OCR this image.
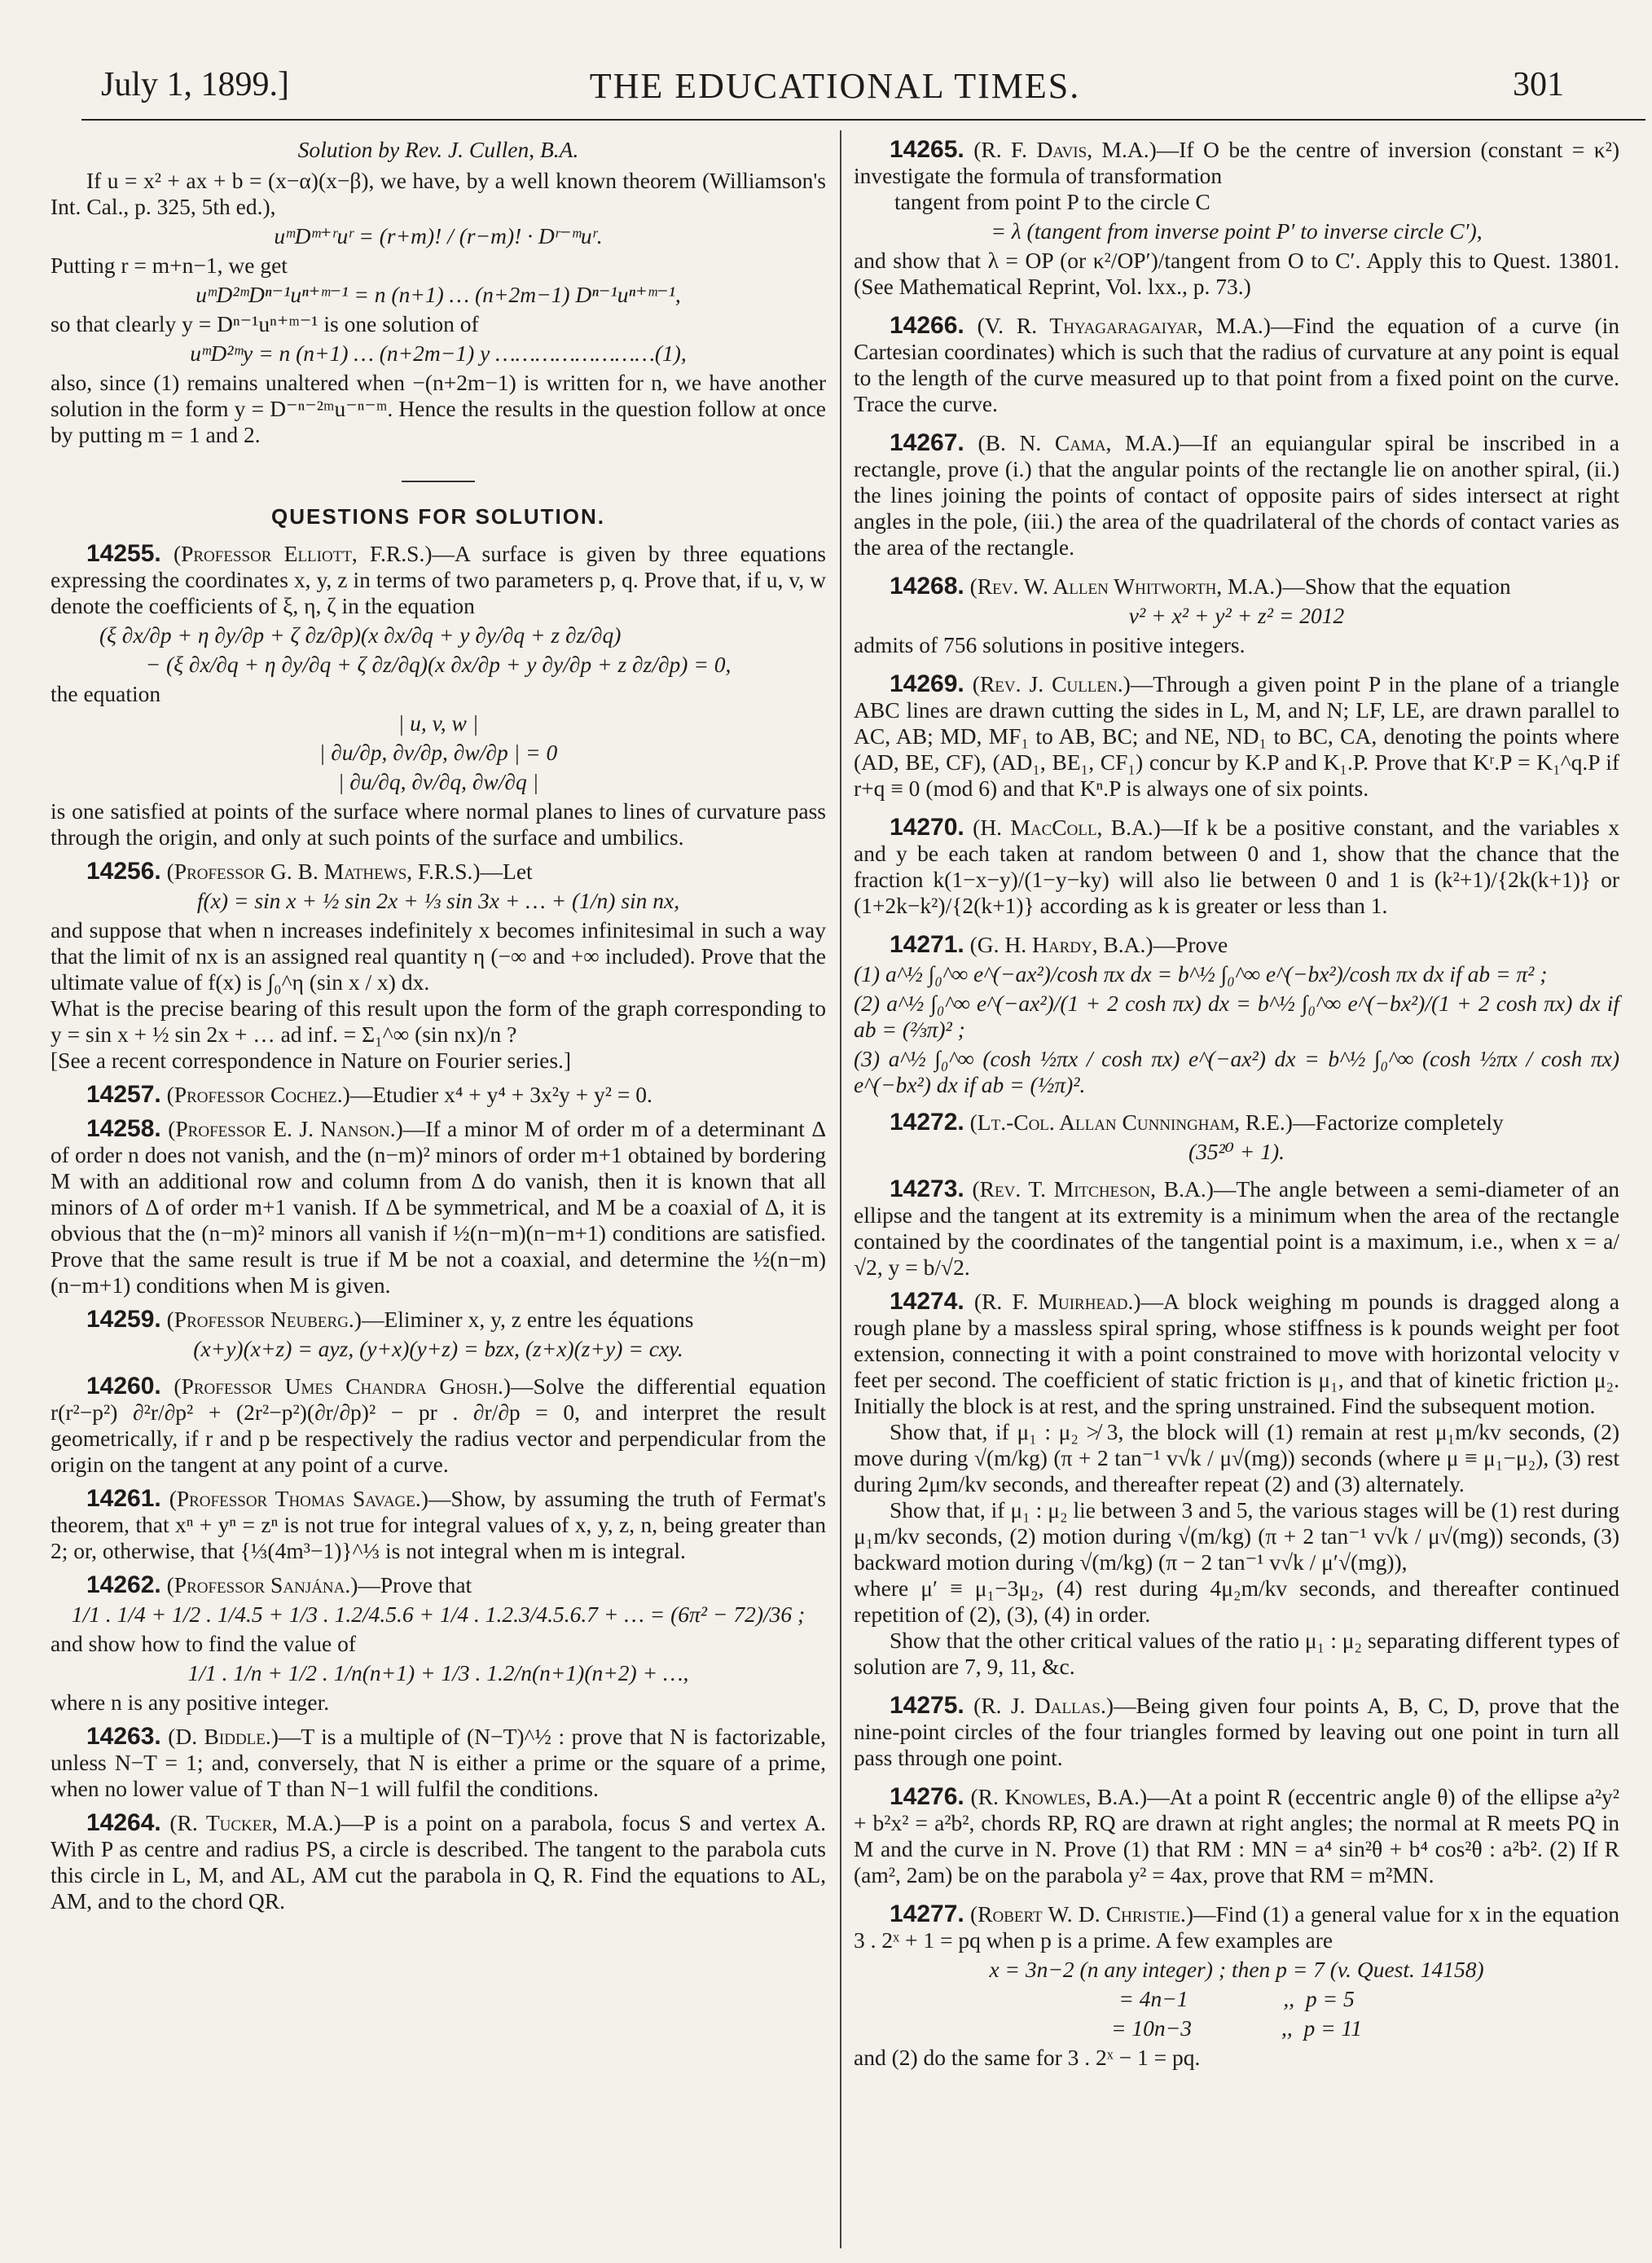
July 1, 1899.]	THE EDUCATIONAL TIMES.	301

Solution by Rev. J. Cullen, B.A.

If u = x² + ax + b = (x−α)(x−β), we have, by a well known theorem (Williamson's Int. Cal., p. 325, 5th ed.),

uᵐDᵐ⁺ʳuʳ = (r+m)! / (r−m)! · Dʳ⁻ᵐuʳ.

Putting r = m+n−1, we get

uᵐD²ᵐDⁿ⁻¹uⁿ⁺ᵐ⁻¹ = n (n+1) … (n+2m−1) Dⁿ⁻¹uⁿ⁺ᵐ⁻¹,

so that clearly y = Dⁿ⁻¹uⁿ⁺ᵐ⁻¹ is one solution of

uᵐD²ᵐy = n (n+1) … (n+2m−1) y ……………………(1),

also, since (1) remains unaltered when −(n+2m−1) is written for n, we have another solution in the form y = D⁻ⁿ⁻²ᵐu⁻ⁿ⁻ᵐ. Hence the results in the question follow at once by putting m = 1 and 2.

QUESTIONS FOR SOLUTION.

14255. (Professor Elliott, F.R.S.)—A surface is given by three equations expressing the coordinates x, y, z in terms of two parameters p, q. Prove that, if u, v, w denote the coefficients of ξ, η, ζ in the equation

(ξ ∂x/∂p + η ∂y/∂p + ζ ∂z/∂p)(x ∂x/∂q + y ∂y/∂q + z ∂z/∂q)

− (ξ ∂x/∂q + η ∂y/∂q + ζ ∂z/∂q)(x ∂x/∂p + y ∂y/∂p + z ∂z/∂p) = 0,

the equation

| u, v, w |

| ∂u/∂p, ∂v/∂p, ∂w/∂p | = 0

| ∂u/∂q, ∂v/∂q, ∂w/∂q |

is one satisfied at points of the surface where normal planes to lines of curvature pass through the origin, and only at such points of the surface and umbilics.

14256. (Professor G. B. Mathews, F.R.S.)—Let

f(x) = sin x + ½ sin 2x + ⅓ sin 3x + … + (1/n) sin nx,

and suppose that when n increases indefinitely x becomes infinitesimal in such a way that the limit of nx is an assigned real quantity η (−∞ and +∞ included). Prove that the ultimate value of f(x) is ∫₀^η (sin x / x) dx.

What is the precise bearing of this result upon the form of the graph corresponding to y = sin x + ½ sin 2x + … ad inf. = Σ₁^∞ (sin nx)/n ?

[See a recent correspondence in Nature on Fourier series.]

14257. (Professor Cochez.)—Etudier x⁴ + y⁴ + 3x²y + y² = 0.

14258. (Professor E. J. Nanson.)—If a minor M of order m of a determinant Δ of order n does not vanish, and the (n−m)² minors of order m+1 obtained by bordering M with an additional row and column from Δ do vanish, then it is known that all minors of Δ of order m+1 vanish. If Δ be symmetrical, and M be a coaxial of Δ, it is obvious that the (n−m)² minors all vanish if ½(n−m)(n−m+1) conditions are satisfied. Prove that the same result is true if M be not a coaxial, and determine the ½(n−m)(n−m+1) conditions when M is given.

14259. (Professor Neuberg.)—Eliminer x, y, z entre les équations

(x+y)(x+z) = ayz, (y+x)(y+z) = bzx, (z+x)(z+y) = cxy.

14260. (Professor Umes Chandra Ghosh.)—Solve the differential equation r(r²−p²) ∂²r/∂p² + (2r²−p²)(∂r/∂p)² − pr . ∂r/∂p = 0, and interpret the result geometrically, if r and p be respectively the radius vector and perpendicular from the origin on the tangent at any point of a curve.

14261. (Professor Thomas Savage.)—Show, by assuming the truth of Fermat's theorem, that xⁿ + yⁿ = zⁿ is not true for integral values of x, y, z, n, being greater than 2; or, otherwise, that {⅓(4m³−1)}^⅓ is not integral when m is integral.

14262. (Professor Sanjána.)—Prove that

1/1 . 1/4 + 1/2 . 1/4.5 + 1/3 . 1.2/4.5.6 + 1/4 . 1.2.3/4.5.6.7 + … = (6π² − 72)/36 ;

and show how to find the value of

1/1 . 1/n + 1/2 . 1/n(n+1) + 1/3 . 1.2/n(n+1)(n+2) + …,

where n is any positive integer.

14263. (D. Biddle.)—T is a multiple of (N−T)^½ : prove that N is factorizable, unless N−T = 1; and, conversely, that N is either a prime or the square of a prime, when no lower value of T than N−1 will fulfil the conditions.

14264. (R. Tucker, M.A.)—P is a point on a parabola, focus S and vertex A. With P as centre and radius PS, a circle is described. The tangent to the parabola cuts this circle in L, M, and AL, AM cut the parabola in Q, R. Find the equations to AL, AM, and to the chord QR.

14265. (R. F. Davis, M.A.)—If O be the centre of inversion (constant = κ²) investigate the formula of transformation

tangent from point P to the circle C

= λ (tangent from inverse point P′ to inverse circle C′),

and show that λ = OP (or κ²/OP′)/tangent from O to C′. Apply this to Quest. 13801. (See Mathematical Reprint, Vol. lxx., p. 73.)

14266. (V. R. Thyagaragaiyar, M.A.)—Find the equation of a curve (in Cartesian coordinates) which is such that the radius of curvature at any point is equal to the length of the curve measured up to that point from a fixed point on the curve. Trace the curve.

14267. (B. N. Cama, M.A.)—If an equiangular spiral be inscribed in a rectangle, prove (i.) that the angular points of the rectangle lie on another spiral, (ii.) the lines joining the points of contact of opposite pairs of sides intersect at right angles in the pole, (iii.) the area of the quadrilateral of the chords of contact varies as the area of the rectangle.

14268. (Rev. W. Allen Whitworth, M.A.)—Show that the equation

v² + x² + y² + z² = 2012

admits of 756 solutions in positive integers.

14269. (Rev. J. Cullen.)—Through a given point P in the plane of a triangle ABC lines are drawn cutting the sides in L, M, and N; LF, LE, are drawn parallel to AC, AB; MD, MF₁ to AB, BC; and NE, ND₁ to BC, CA, denoting the points where (AD, BE, CF), (AD₁, BE₁, CF₁) concur by K.P and K₁.P. Prove that Kʳ.P = K₁^q.P if r+q ≡ 0 (mod 6) and that Kⁿ.P is always one of six points.

14270. (H. MacColl, B.A.)—If k be a positive constant, and the variables x and y be each taken at random between 0 and 1, show that the chance that the fraction k(1−x−y)/(1−y−ky) will also lie between 0 and 1 is (k²+1)/{2k(k+1)} or (1+2k−k²)/{2(k+1)} according as k is greater or less than 1.

14271. (G. H. Hardy, B.A.)—Prove

(1) a^½ ∫₀^∞ e^(−ax²)/cosh πx dx = b^½ ∫₀^∞ e^(−bx²)/cosh πx dx if ab = π² ;

(2) a^½ ∫₀^∞ e^(−ax²)/(1 + 2 cosh πx) dx = b^½ ∫₀^∞ e^(−bx²)/(1 + 2 cosh πx) dx if ab = (⅔π)² ;

(3) a^½ ∫₀^∞ (cosh ½πx / cosh πx) e^(−ax²) dx = b^½ ∫₀^∞ (cosh ½πx / cosh πx) e^(−bx²) dx if ab = (½π)².

14272. (Lt.-Col. Allan Cunningham, R.E.)—Factorize completely

(35²⁰ + 1).

14273. (Rev. T. Mitcheson, B.A.)—The angle between a semi-diameter of an ellipse and the tangent at its extremity is a minimum when the area of the rectangle contained by the coordinates of the tangential point is a maximum, i.e., when x = a/√2, y = b/√2.

14274. (R. F. Muirhead.)—A block weighing m pounds is dragged along a rough plane by a massless spiral spring, whose stiffness is k pounds weight per foot extension, connecting it with a point constrained to move with horizontal velocity v feet per second. The coefficient of static friction is μ₁, and that of kinetic friction μ₂. Initially the block is at rest, and the spring unstrained. Find the subsequent motion.

Show that, if μ₁ : μ₂ ≯ 3, the block will (1) remain at rest μ₁m/kv seconds, (2) move during √(m/kg) (π + 2 tan⁻¹ v√k / μ√(mg)) seconds (where μ ≡ μ₁−μ₂), (3) rest during 2μm/kv seconds, and thereafter repeat (2) and (3) alternately.

Show that, if μ₁ : μ₂ lie between 3 and 5, the various stages will be (1) rest during μ₁m/kv seconds, (2) motion during √(m/kg) (π + 2 tan⁻¹ v√k / μ√(mg)) seconds, (3) backward motion during √(m/kg) (π − 2 tan⁻¹ v√k / μ′√(mg)),

where μ′ ≡ μ₁−3μ₂, (4) rest during 4μ₂m/kv seconds, and thereafter continued repetition of (2), (3), (4) in order.

Show that the other critical values of the ratio μ₁ : μ₂ separating different types of solution are 7, 9, 11, &c.

14275. (R. J. Dallas.)—Being given four points A, B, C, D, prove that the nine-point circles of the four triangles formed by leaving out one point in turn all pass through one point.

14276. (R. Knowles, B.A.)—At a point R (eccentric angle θ) of the ellipse a²y² + b²x² = a²b², chords RP, RQ are drawn at right angles; the normal at R meets PQ in M and the curve in N. Prove (1) that RM : MN = a⁴ sin²θ + b⁴ cos²θ : a²b². (2) If R (am², 2am) be on the parabola y² = 4ax, prove that RM = m²MN.

14277. (Robert W. D. Christie.)—Find (1) a general value for x in the equation 3 . 2ˣ + 1 = pq when p is a prime. A few examples are

x = 3n−2 (n any integer) ; then p = 7 (v. Quest. 14158)

= 4n−1                 ,,  p = 5

= 10n−3                ,,  p = 11

and (2) do the same for 3 . 2ˣ − 1 = pq.
